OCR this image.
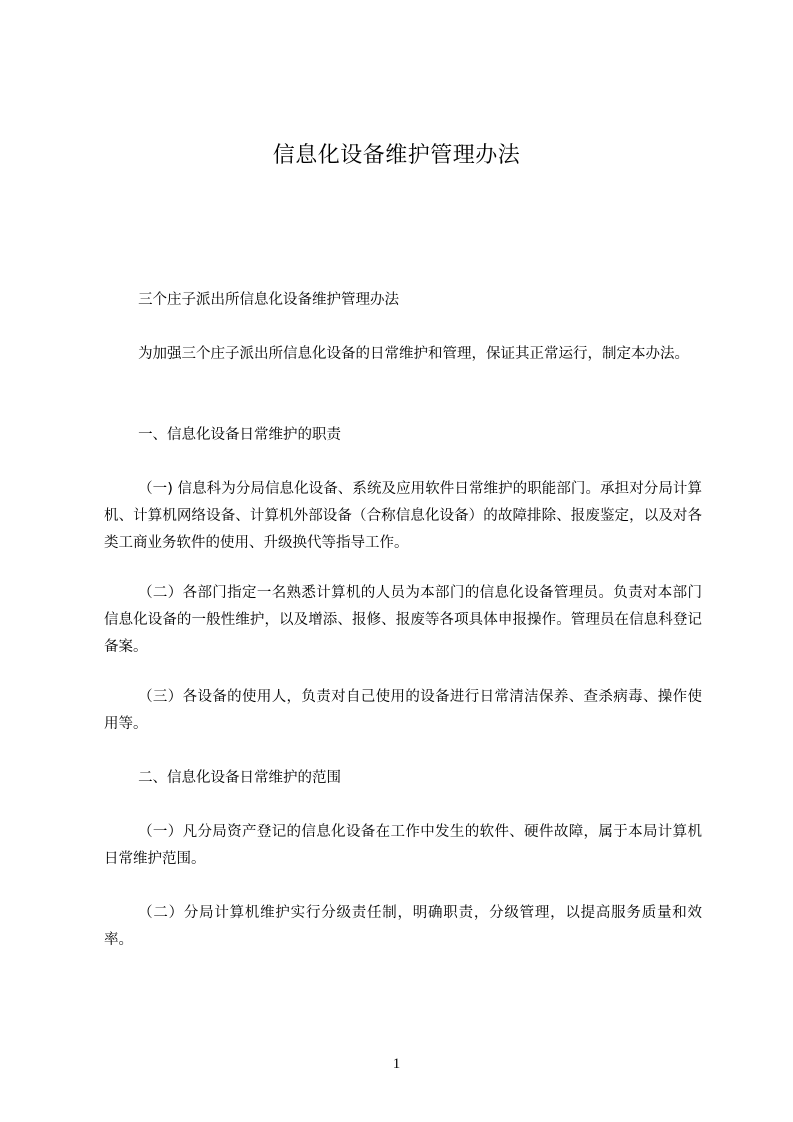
信息化设备维护管理办法

三个庄子派出所信息化设备维护管理办法

为加强三个庄子派出所信息化设备的日常维护和管理，保证其正常运行，制定本办法。

一、信息化设备日常维护的职责

（一) 信息科为分局信息化设备、系统及应用软件日常维护的职能部门。承担对分局计算机、计算机网络设备、计算机外部设备（合称信息化设备）的故障排除、报废鉴定，以及对各类工商业务软件的使用、升级换代等指导工作。

（二）各部门指定一名熟悉计算机的人员为本部门的信息化设备管理员。负责对本部门信息化设备的一般性维护，以及增添、报修、报废等各项具体申报操作。管理员在信息科登记备案。

（三）各设备的使用人，负责对自己使用的设备进行日常清洁保养、查杀病毒、操作使用等。

二、信息化设备日常维护的范围

（一）凡分局资产登记的信息化设备在工作中发生的软件、硬件故障，属于本局计算机日常维护范围。

（二）分局计算机维护实行分级责任制，明确职责，分级管理，以提高服务质量和效率。

1
